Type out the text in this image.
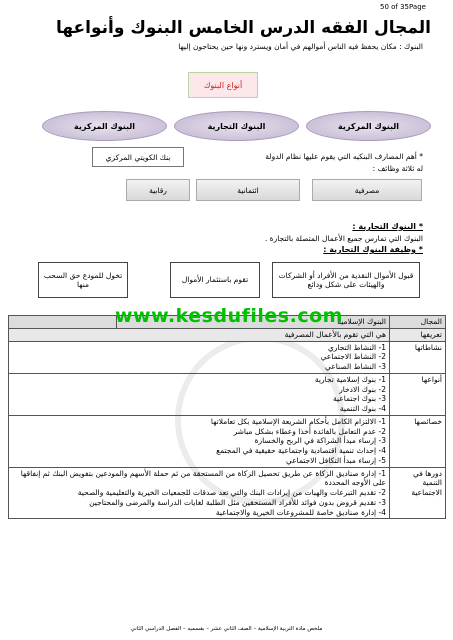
50 of 35Page
المجال الفقه الدرس الخامس البنوك وأنواعها
البنوك : مكان يحفظ فيه الناس أموالهم في أمان ويسترد ونها حين يحتاجون إليها
أنواع البنوك
البنوك المركزية
البنوك التجارية
البنوك المركزية
* أهم المصارف البنكيه التي يقوم عليها نظام الدولة
بنك الكويتي المركزي
له ثلاثة وظائف :
مصرفية
ائتمانية
رقابية
* البنوك التجارية :
البنوك التي تمارس جميع الأعمال المتصلة بالتجارة .
* وظيفة البنوك التجارية :
قبول الأموال النقدية من الأفراد أو الشركات والهيئات على شكل ودائع
تقوم باستثمار الأموال
تخول للمودع حق السحب منها
المجال	البنوك الإسلامية	
تعريفها	هي التي تقوم بالأعمال المصرفية	

نشاطاتها	1- النشاط التجاري
2- النشاط الاجتماعي
3- النشاط الصناعي	

أنواعها	1- بنوك إسلامية تجارية
2- بنوك الادخار
3- بنوك اجتماعية
4- بنوك التنمية	

خصائصها	1- الالتزام الكامل بأحكام الشريعة الإسلامية بكل تعاملاتها
2- عدم التعامل بالفائدة أخذا وعطاء بشكل مباشر
3- إرساء مبدأ الشراكة في الربح والخسارة
4- إحداث تنمية اقتصادية واجتماعية حقيقية في المجتمع
5- إرساء مبدأ التكافل الاجتماعي	

دورها في التنمية الاجتماعية	1- إدارة صناديق الزكاة عن طريق تحصيل الزكاة من المستحقة من ثم حملة الأسهم والمودعين بتفويض البنك ثم إنفاقها على الأوجه المحددة
2- تقديم التبرعات والهبات من إيرادات البنك والتي تعد صدقات للجمعيات الخيرية والتعليمية والصحية
3- تقديم قروض بدون فوائد للأفراد المستحقين مثل الطلبة لغايات الدراسة والمرضى والمحتاجين
4- إدارة صناديق خاصة للمشروعات الخيرية والاجتماعية	
www.kesdufiles.com
ملخص مادة التربية الإسلامية – الصف الثاني عشر – بقسميه – الفصل الدراسي الثاني
